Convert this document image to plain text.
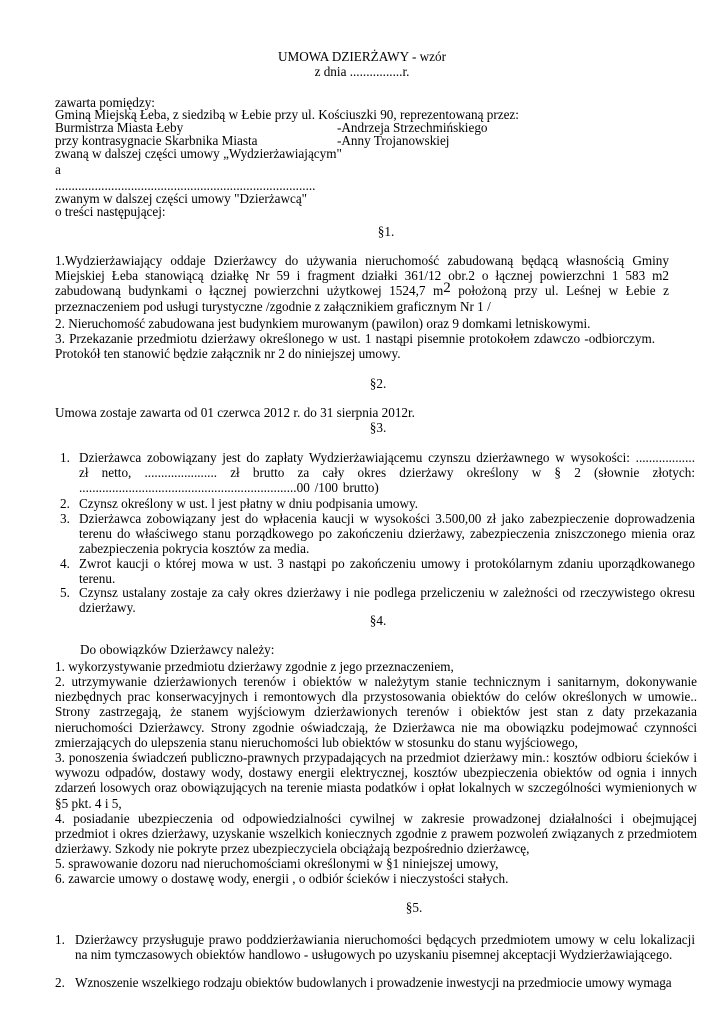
UMOWA DZIERŻAWY - wzór
z dnia ................r.
zawarta pomiędzy:
Gminą Miejską Łeba, z siedzibą w Łebie przy ul. Kościuszki 90, reprezentowaną przez:
Burmistrza Miasta Łeby	-Andrzeja Strzechmińskiego
przy kontrasygnacie Skarbnika Miasta	-Anny Trojanowskiej
zwaną w dalszej części umowy „Wydzierżawiającym"
a
...............................................................................
zwanym w dalszej części umowy "Dzierżawcą"
o treści następującej:
§1.
1.Wydzierżawiający oddaje Dzierżawcy do używania nieruchomość zabudowaną będącą własnością Gminy Miejskiej Łeba stanowiącą działkę Nr 59 i fragment działki 361/12 obr.2 o łącznej powierzchni 1 583 m2 zabudowaną budynkami o łącznej powierzchni użytkowej 1524,7 $m^2$ położoną przy ul. Leśnej w Łebie z przeznaczeniem pod usługi turystyczne /zgodnie z załącznikiem graficznym Nr 1 /
2. Nieruchomość zabudowana jest budynkiem murowanym (pawilon) oraz 9 domkami letniskowymi.
3. Przekazanie przedmiotu dzierżawy określonego w ust. 1 nastąpi pisemnie protokołem zdawczo -odbiorczym. Protokół ten stanowić będzie załącznik nr 2 do niniejszej umowy.
§2.
Umowa zostaje zawarta od 01 czerwca 2012 r. do 31 sierpnia 2012r.
§3.
1. Dzierżawca zobowiązany jest do zapłaty Wydzierżawiającemu czynszu dzierżawnego w wysokości: .................. zł netto, ...................... zł brutto za cały okres dzierżawy określony w § 2 (słownie złotych: ..................................................................00 /100 brutto)
2. Czynsz określony w ust. l jest płatny w dniu podpisania umowy.
3. Dzierżawca zobowiązany jest do wpłacenia kaucji w wysokości 3.500,00 zł jako zabezpieczenie doprowadzenia terenu do właściwego stanu porządkowego po zakończeniu dzierżawy, zabezpieczenia zniszczonego mienia oraz zabezpieczenia pokrycia kosztów za media.
4. Zwrot kaucji o której mowa w ust. 3 nastąpi po zakończeniu umowy i protokólarnym zdaniu uporządkowanego terenu.
5. Czynsz ustalany zostaje za cały okres dzierżawy i nie podlega przeliczeniu w zależności od rzeczywistego okresu dzierżawy.
§4.
Do obowiązków Dzierżawcy należy:
1. wykorzystywanie przedmiotu dzierżawy zgodnie z jego przeznaczeniem,
2. utrzymywanie dzierżawionych terenów i obiektów w należytym stanie technicznym i sanitarnym, dokonywanie niezbędnych prac konserwacyjnych i remontowych dla przystosowania obiektów do celów określonych w umowie.. Strony zastrzegają, że stanem wyjściowym dzierżawionych terenów i obiektów jest stan z daty przekazania nieruchomości Dzierżawcy. Strony zgodnie oświadczają, że Dzierżawca nie ma obowiązku podejmować czynności zmierzających do ulepszenia stanu nieruchomości lub obiektów w stosunku do stanu wyjściowego,
3. ponoszenia świadczeń publiczno-prawnych przypadających na przedmiot dzierżawy min.: kosztów odbioru ścieków i wywozu odpadów, dostawy wody, dostawy energii elektrycznej, kosztów ubezpieczenia obiektów od ognia i innych zdarzeń losowych oraz obowiązujących na terenie miasta podatków i opłat lokalnych w szczególności wymienionych w §5 pkt. 4 i 5,
4. posiadanie ubezpieczenia od odpowiedzialności cywilnej w zakresie prowadzonej działalności i obejmującej przedmiot i okres dzierżawy, uzyskanie wszelkich koniecznych zgodnie z prawem pozwoleń związanych z przedmiotem dzierżawy. Szkody nie pokryte przez ubezpieczyciela obciążają bezpośrednio dzierżawcę,
5. sprawowanie dozoru nad nieruchomościami określonymi w §1 niniejszej umowy,
6. zawarcie umowy o dostawę wody, energii , o odbiór ścieków i nieczystości stałych.
§5.
1. Dzierżawcy przysługuje prawo poddzierżawiania nieruchomości będących przedmiotem umowy w celu lokalizacji na nim tymczasowych obiektów handlowo - usługowych po uzyskaniu pisemnej akceptacji Wydzierżawiającego.
2. Wznoszenie wszelkiego rodzaju obiektów budowlanych i prowadzenie inwestycji na przedmiocie umowy wymaga
